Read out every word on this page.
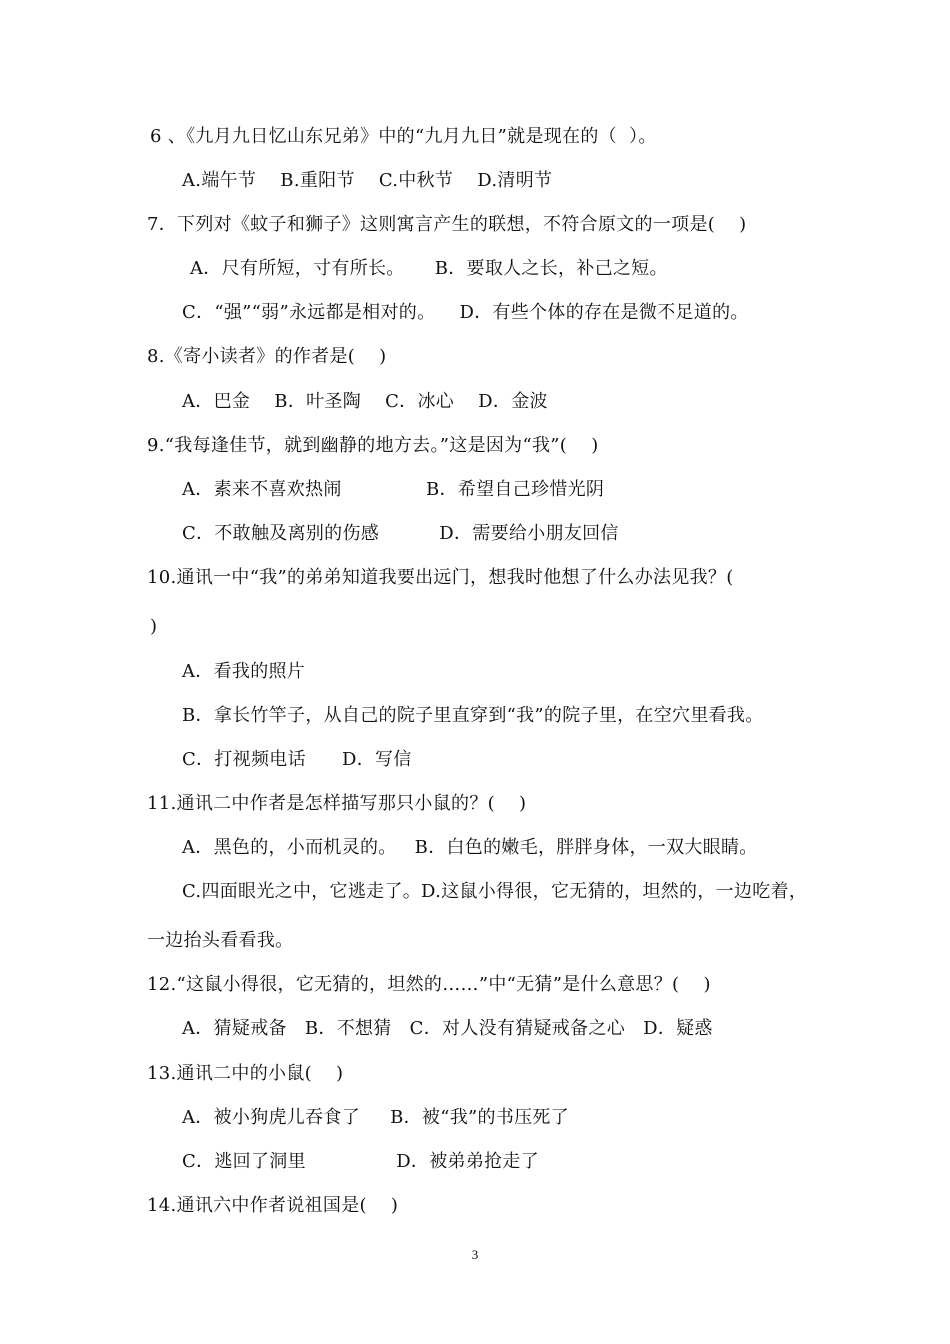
6 、《九月九日忆山东兄弟》中的“九月九日”就是现在的（  ）。
A.端午节    B.重阳节    C.中秋节    D.清明节
7．下列对《蚊子和狮子》这则寓言产生的联想，不符合原文的一项是(    )
A．尺有所短，寸有所长。     B．要取人之长，补己之短。
C．“强”“弱”永远都是相对的。    D．有些个体的存在是微不足道的。
8.《寄小读者》的作者是(    )
A．巴金    B．叶圣陶    C．冰心    D．金波
9.“我每逢佳节，就到幽静的地方去。”这是因为“我”(    )
A．素来不喜欢热闹              B．希望自己珍惜光阴
C．不敢触及离别的伤感          D．需要给小朋友回信
10.通讯一中“我”的弟弟知道我要出远门，想我时他想了什么办法见我？(
)
A．看我的照片
B．拿长竹竿子，从自己的院子里直穿到“我”的院子里，在空穴里看我。
C．打视频电话      D．写信
11.通讯二中作者是怎样描写那只小鼠的？(    )
A．黑色的，小而机灵的。   B．白色的嫩毛，胖胖身体，一双大眼睛。
C.四面眼光之中，它逃走了。D.这鼠小得很，它无猜的，坦然的，一边吃着，
一边抬头看看我。
12.“这鼠小得很，它无猜的，坦然的……”中“无猜”是什么意思？(    )
A．猜疑戒备   B．不想猜   C．对人没有猜疑戒备之心   D．疑惑
13.通讯二中的小鼠(    )
A．被小狗虎儿吞食了     B．被“我”的书压死了
C．逃回了洞里               D．被弟弟抢走了
14.通讯六中作者说祖国是(    )
3
